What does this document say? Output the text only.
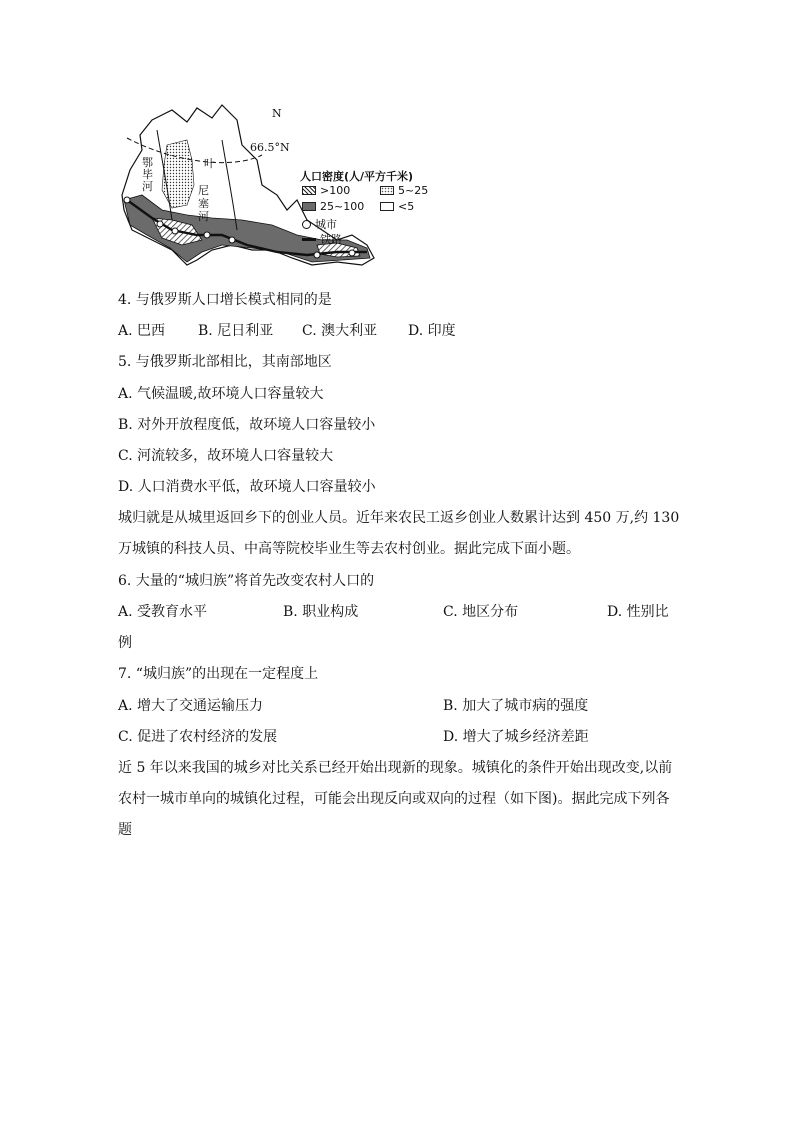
N
66.5°N
鄂
毕
河
叶
尼
塞
河
人口密度(人/平方千米)
>100	5~25
25~100	<5
城市
铁路
4. 与俄罗斯人口增长模式相同的是
A. 巴西 B. 尼日利亚 C. 澳大利亚 D. 印度
5. 与俄罗斯北部相比，其南部地区
A. 气候温暖,故环境人口容量较大
B. 对外开放程度低，故环境人口容量较小
C. 河流较多，故环境人口容量较大
D. 人口消费水平低，故环境人口容量较小
城归就是从城里返回乡下的创业人员。近年来农民工返乡创业人数累计达到 450 万,约 130
万城镇的科技人员、中高等院校毕业生等去农村创业。据此完成下面小题。
6. 大量的“城归族”将首先改变农村人口的
A. 受教育水平	B. 职业构成	C. 地区分布	D. 性别比
例
7. “城归族”的出现在一定程度上
A. 增大了交通运输压力	B. 加大了城市病的强度
C. 促进了农村经济的发展	D. 增大了城乡经济差距
近 5 年以来我国的城乡对比关系已经开始出现新的现象。城镇化的条件开始出现改变,以前
农村一城市单向的城镇化过程，可能会出现反向或双向的过程（如下图)。据此完成下列各
题
